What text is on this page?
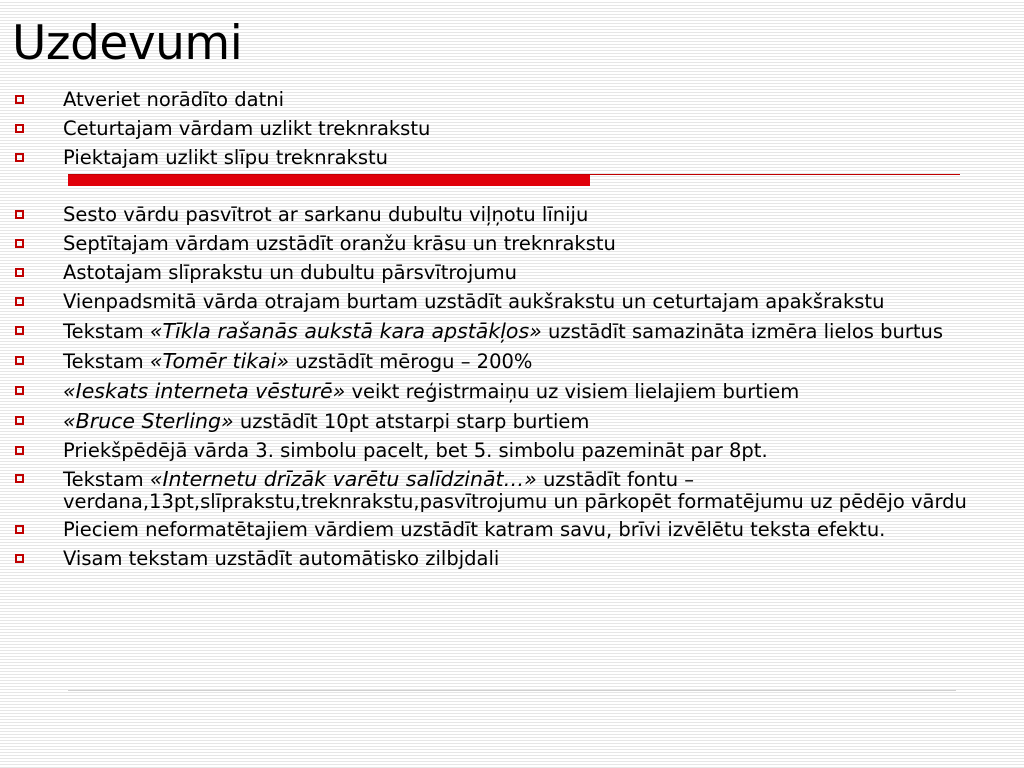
Uzdevumi
Atveriet norādīto datni
Ceturtajam vārdam uzlikt treknrakstu
Piektajam uzlikt slīpu treknrakstu
Sesto vārdu pasvītrot ar sarkanu dubultu viļņotu līniju
Septītajam vārdam uzstādīt oranžu krāsu un treknrakstu
Astotajam slīprakstu un dubultu pārsvītrojumu
Vienpadsmitā vārda otrajam burtam uzstādīt aukšrakstu un ceturtajam apakšrakstu
Tekstam «Tīkla rašanās aukstā kara apstākļos» uzstādīt samazināta izmēra lielos burtus
Tekstam «Tomēr tikai» uzstādīt mērogu – 200%
«Ieskats interneta vēsturē» veikt reģistrmaiņu uz visiem lielajiem burtiem
«Bruce Sterling» uzstādīt 10pt atstarpi starp burtiem
Priekšpēdējā vārda 3. simbolu pacelt, bet 5. simbolu pazemināt par 8pt.
Tekstam «Internetu drīzāk varētu salīdzināt…» uzstādīt fontu – verdana,13pt,slīprakstu,treknrakstu,pasvītrojumu un pārkopēt formatējumu uz pēdējo vārdu
Pieciem neformatētajiem vārdiem uzstādīt katram savu, brīvi izvēlētu teksta efektu.
Visam tekstam uzstādīt automātisko zilbjdali
